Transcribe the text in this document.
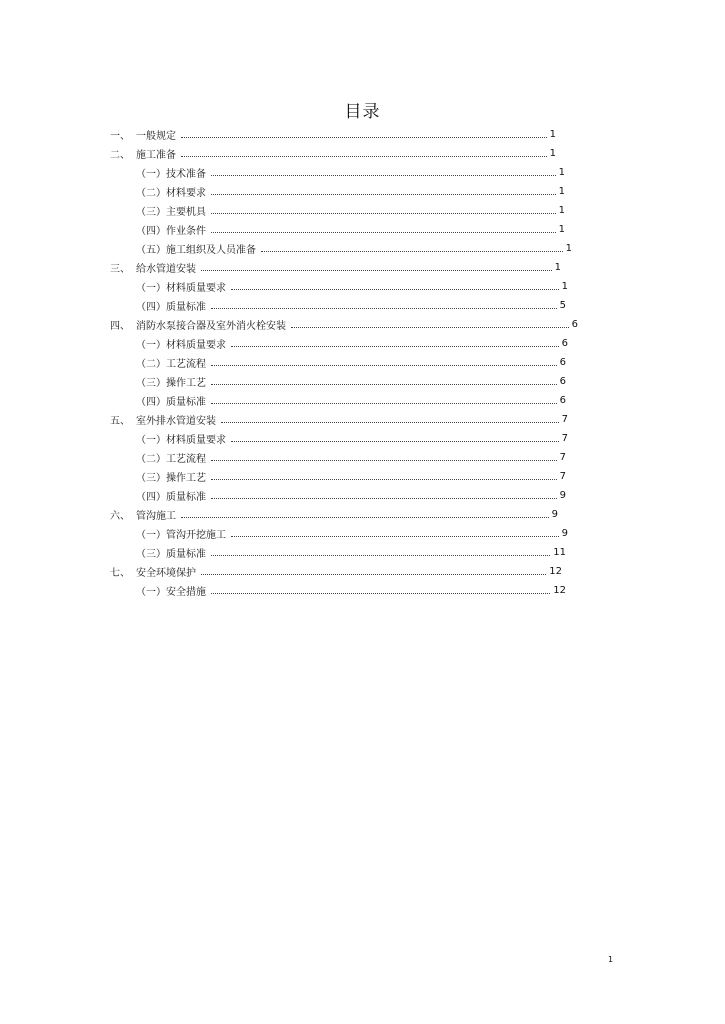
目录
一、 一般规定	1
二、 施工准备	1
（一）技术准备	1
（二）材料要求	1
（三）主要机具	1
（四）作业条件	1
（五）施工组织及人员准备	1
三、 给水管道安装	1
（一）材料质量要求	1
（四）质量标准	5
四、 消防水泵接合器及室外消火栓安装	6
（一）材料质量要求	6
（二）工艺流程	6
（三）操作工艺	6
（四）质量标准	6
五、 室外排水管道安装	7
（一）材料质量要求	7
（二）工艺流程	7
（三）操作工艺	7
（四）质量标准	9
六、 管沟施工	9
（一）管沟开挖施工	9
（三）质量标准	11
七、 安全环境保护	12
（一）安全措施	12
1
